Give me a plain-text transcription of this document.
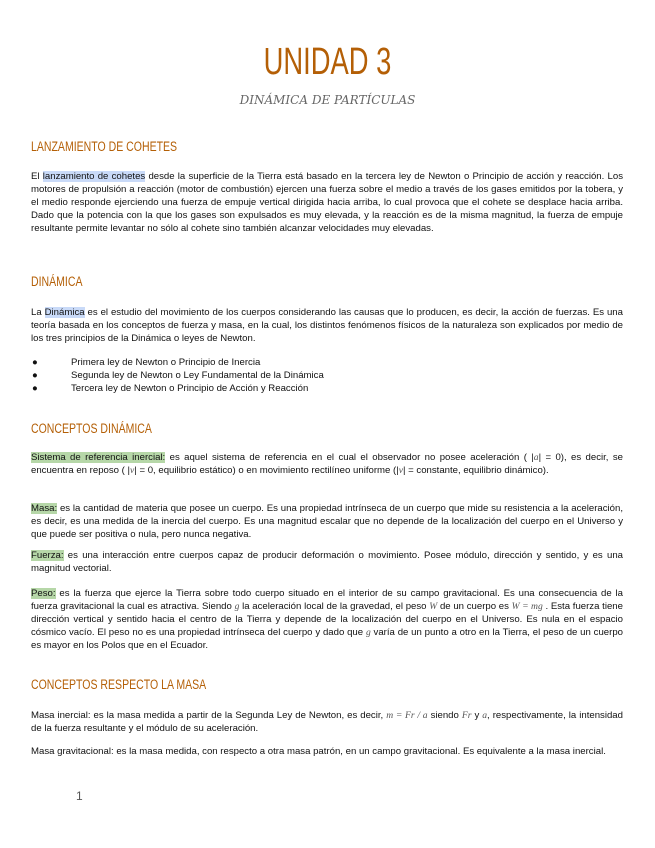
UNIDAD 3
DINÁMICA DE PARTÍCULAS
LANZAMIENTO DE COHETES

El lanzamiento de cohetes desde la superficie de la Tierra está basado en la tercera ley de Newton o Principio de acción y reacción. Los motores de propulsión a reacción (motor de combustión) ejercen una fuerza sobre el medio a través de los gases emitidos por la tobera, y el medio responde ejerciendo una fuerza de empuje vertical dirigida hacia arriba, lo cual provoca que el cohete se desplace hacia arriba. Dado que la potencia con la que los gases son expulsados es muy elevada, y la reacción es de la misma magnitud, la fuerza de empuje resultante permite levantar no sólo al cohete sino también alcanzar velocidades muy elevadas.

DINÁMICA

La Dinámica es el estudio del movimiento de los cuerpos considerando las causas que lo producen, es decir, la acción de fuerzas. Es una teoría basada en los conceptos de fuerza y masa, en la cual, los distintos fenómenos físicos de la naturaleza son explicados por medio de los tres principios de la Dinámica o leyes de Newton.

●	Primera ley de Newton o Principio de Inercia
●	Segunda ley de Newton o Ley Fundamental de la Dinámica
●	Tercera ley de Newton o Principio de Acción y Reacción
CONCEPTOS DINÁMICA

Sistema de referencia inercial: es aquel sistema de referencia en el cual el observador no posee aceleración ( |a| = 0), es decir, se encuentra en reposo ( |v| = 0, equilibrio estático) o en movimiento rectilíneo uniforme (|v| = constante, equilibrio dinámico).

Masa: es la cantidad de materia que posee un cuerpo. Es una propiedad intrínseca de un cuerpo que mide su resistencia a la aceleración, es decir, es una medida de la inercia del cuerpo. Es una magnitud escalar que no depende de la localización del cuerpo en el Universo y que puede ser positiva o nula, pero nunca negativa.

Fuerza: es una interacción entre cuerpos capaz de producir deformación o movimiento. Posee módulo, dirección y sentido, y es una magnitud vectorial.

Peso: es la fuerza que ejerce la Tierra sobre todo cuerpo situado en el interior de su campo gravitacional. Es una consecuencia de la fuerza gravitacional la cual es atractiva. Siendo g la aceleración local de la gravedad, el peso W de un cuerpo es W = mg . Esta fuerza tiene dirección vertical y sentido hacia el centro de la Tierra y depende de la localización del cuerpo en el Universo. Es nula en el espacio cósmico vacío. El peso no es una propiedad intrínseca del cuerpo y dado que g varía de un punto a otro en la Tierra, el peso de un cuerpo es mayor en los Polos que en el Ecuador.

CONCEPTOS RESPECTO LA MASA

Masa inercial: es la masa medida a partir de la Segunda Ley de Newton, es decir, m = Fr / a siendo Fr y a, respectivamente, la intensidad de la fuerza resultante y el módulo de su aceleración.

Masa gravitacional: es la masa medida, con respecto a otra masa patrón, en un campo gravitacional. Es equivalente a la masa inercial.

1
